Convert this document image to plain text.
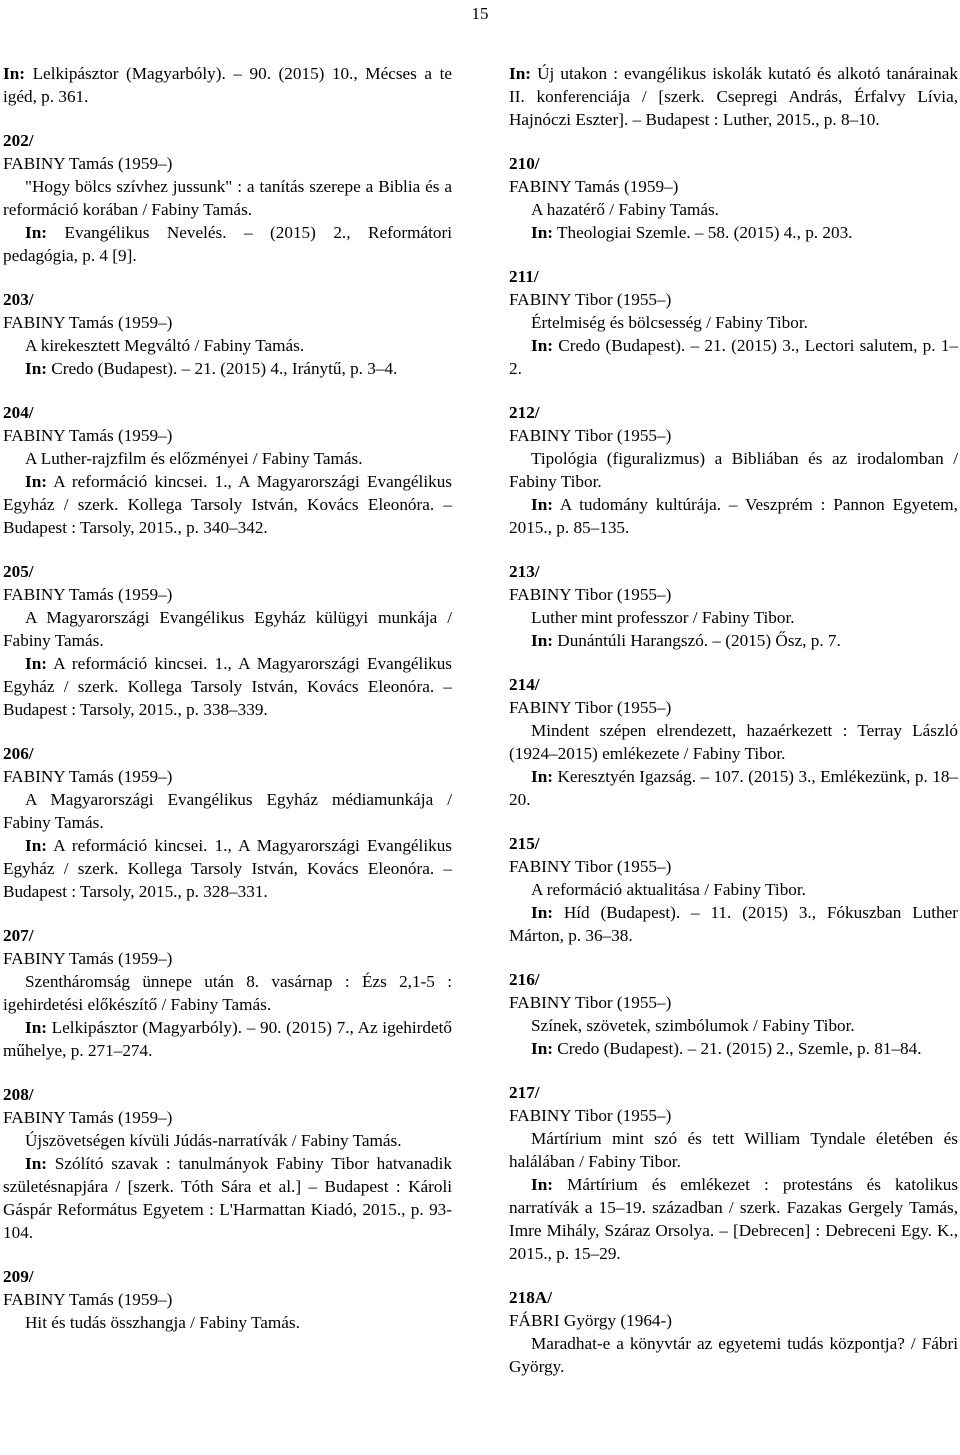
15
In: Lelkipásztor (Magyarbóly). – 90. (2015) 10., Mécses a te igéd, p. 361.
202/
FABINY Tamás (1959–)
"Hogy bölcs szívhez jussunk" : a tanítás szerepe a Biblia és a reformáció korában / Fabiny Tamás.
In: Evangélikus Nevelés. – (2015) 2., Reformátori pedagógia, p. 4 [9].
203/
FABINY Tamás (1959–)
A kirekesztett Megváltó / Fabiny Tamás.
In: Credo (Budapest). – 21. (2015) 4., Iránytű, p. 3–4.
204/
FABINY Tamás (1959–)
A Luther-rajzfilm és előzményei / Fabiny Tamás.
In: A reformáció kincsei. 1., A Magyarországi Evangélikus Egyház / szerk. Kollega Tarsoly István, Kovács Eleonóra. – Budapest : Tarsoly, 2015., p. 340–342.
205/
FABINY Tamás (1959–)
A Magyarországi Evangélikus Egyház külügyi munkája / Fabiny Tamás.
In: A reformáció kincsei. 1., A Magyarországi Evangélikus Egyház / szerk. Kollega Tarsoly István, Kovács Eleonóra. – Budapest : Tarsoly, 2015., p. 338–339.
206/
FABINY Tamás (1959–)
A Magyarországi Evangélikus Egyház médiamunkája / Fabiny Tamás.
In: A reformáció kincsei. 1., A Magyarországi Evangélikus Egyház / szerk. Kollega Tarsoly István, Kovács Eleonóra. – Budapest : Tarsoly, 2015., p. 328–331.
207/
FABINY Tamás (1959–)
Szentháromság ünnepe után 8. vasárnap : Ézs 2,1-5 : igehirdetési előkészítő / Fabiny Tamás.
In: Lelkipásztor (Magyarbóly). – 90. (2015) 7., Az igehirdető műhelye, p. 271–274.
208/
FABINY Tamás (1959–)
Újszövetségen kívüli Júdás-narratívák / Fabiny Tamás.
In: Szólító szavak : tanulmányok Fabiny Tibor hatvanadik születésnapjára / [szerk. Tóth Sára et al.] – Budapest : Károli Gáspár Református Egyetem : L'Harmattan Kiadó, 2015., p. 93-104.
209/
FABINY Tamás (1959–)
Hit és tudás összhangja / Fabiny Tamás.
In: Új utakon : evangélikus iskolák kutató és alkotó tanárainak II. konferenciája / [szerk. Csepregi András, Érfalvy Lívia, Hajnóczi Eszter]. – Budapest : Luther, 2015., p. 8–10.
210/
FABINY Tamás (1959–)
A hazatérő / Fabiny Tamás.
In: Theologiai Szemle. – 58. (2015) 4., p. 203.
211/
FABINY Tibor (1955–)
Értelmiség és bölcsesség / Fabiny Tibor.
In: Credo (Budapest). – 21. (2015) 3., Lectori salutem, p. 1–2.
212/
FABINY Tibor (1955–)
Tipológia (figuralizmus) a Bibliában és az irodalomban / Fabiny Tibor.
In: A tudomány kultúrája. – Veszprém : Pannon Egyetem, 2015., p. 85–135.
213/
FABINY Tibor (1955–)
Luther mint professzor / Fabiny Tibor.
In: Dunántúli Harangszó. – (2015) Ősz, p. 7.
214/
FABINY Tibor (1955–)
Mindent szépen elrendezett, hazaérkezett : Terray László (1924–2015) emlékezete / Fabiny Tibor.
In: Keresztyén Igazság. – 107. (2015) 3., Emlékezünk, p. 18–20.
215/
FABINY Tibor (1955–)
A reformáció aktualitása / Fabiny Tibor.
In: Híd (Budapest). – 11. (2015) 3., Fókuszban Luther Márton, p. 36–38.
216/
FABINY Tibor (1955–)
Színek, szövetek, szimbólumok / Fabiny Tibor.
In: Credo (Budapest). – 21. (2015) 2., Szemle, p. 81–84.
217/
FABINY Tibor (1955–)
Mártírium mint szó és tett William Tyndale életében és halálában / Fabiny Tibor.
In: Mártírium és emlékezet : protestáns és katolikus narratívák a 15–19. században / szerk. Fazakas Gergely Tamás, Imre Mihály, Száraz Orsolya. – [Debrecen] : Debreceni Egy. K., 2015., p. 15–29.
218A/
FÁBRI György (1964-)
Maradhat-e a könyvtár az egyetemi tudás központja? / Fábri György.
